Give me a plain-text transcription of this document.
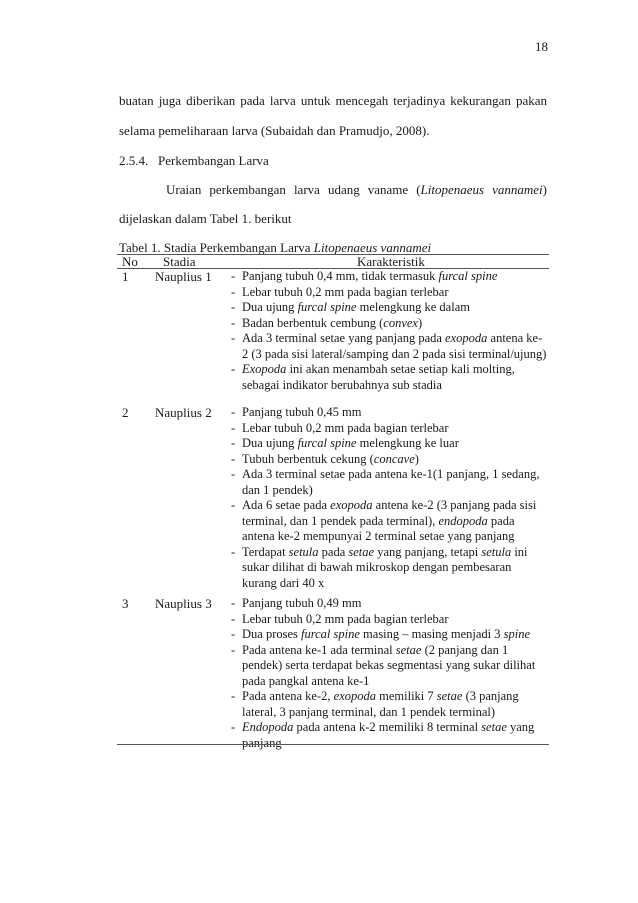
18
buatan juga diberikan pada larva untuk mencegah terjadinya kekurangan pakan
selama pemeliharaan larva (Subaidah dan Pramudjo, 2008).
2.5.4.   Perkembangan Larva
Uraian perkembangan larva udang vaname (Litopenaeus vannamei)
dijelaskan dalam Tabel 1. berikut
Tabel 1. Stadia Perkembangan Larva Litopenaeus vannamei
No Stadia	Karakteristik
1 Nauplius 1	- Panjang tubuh 0,4 mm, tidak termasuk furcal spine
- Lebar tubuh 0,2 mm pada bagian terlebar
- Dua ujung furcal spine melengkung ke dalam
- Badan berbentuk cembung (convex)
- Ada 3 terminal setae yang panjang pada exopoda antena ke-2 (3 pada sisi lateral/samping dan 2 pada sisi terminal/ujung)
- Exopoda ini akan menambah setae setiap kali molting, sebagai indikator berubahnya sub stadia
2 Nauplius 2	- Panjang tubuh 0,45 mm
- Lebar tubuh 0,2 mm pada bagian terlebar
- Dua ujung furcal spine melengkung ke luar
- Tubuh berbentuk cekung (concave)
- Ada 3 terminal setae pada antena ke-1(1 panjang, 1 sedang, dan 1 pendek)
- Ada 6 setae pada exopoda antena ke-2 (3 panjang pada sisi terminal, dan 1 pendek pada terminal), endopoda pada antena ke-2 mempunyai 2 terminal setae yang panjang
- Terdapat setula pada setae yang panjang, tetapi setula ini sukar dilihat di bawah mikroskop dengan pembesaran kurang dari 40 x
3 Nauplius 3	- Panjang tubuh 0,49 mm
- Lebar tubuh 0,2 mm pada bagian terlebar
- Dua proses furcal spine masing – masing menjadi 3 spine
- Pada antena ke-1 ada terminal setae (2 panjang dan 1 pendek) serta terdapat bekas segmentasi yang sukar dilihat pada pangkal antena ke-1
- Pada antena ke-2, exopoda memiliki 7 setae (3 panjang lateral, 3 panjang terminal, dan 1 pendek terminal)
- Endopoda pada antena k-2 memiliki 8 terminal setae yang panjang
